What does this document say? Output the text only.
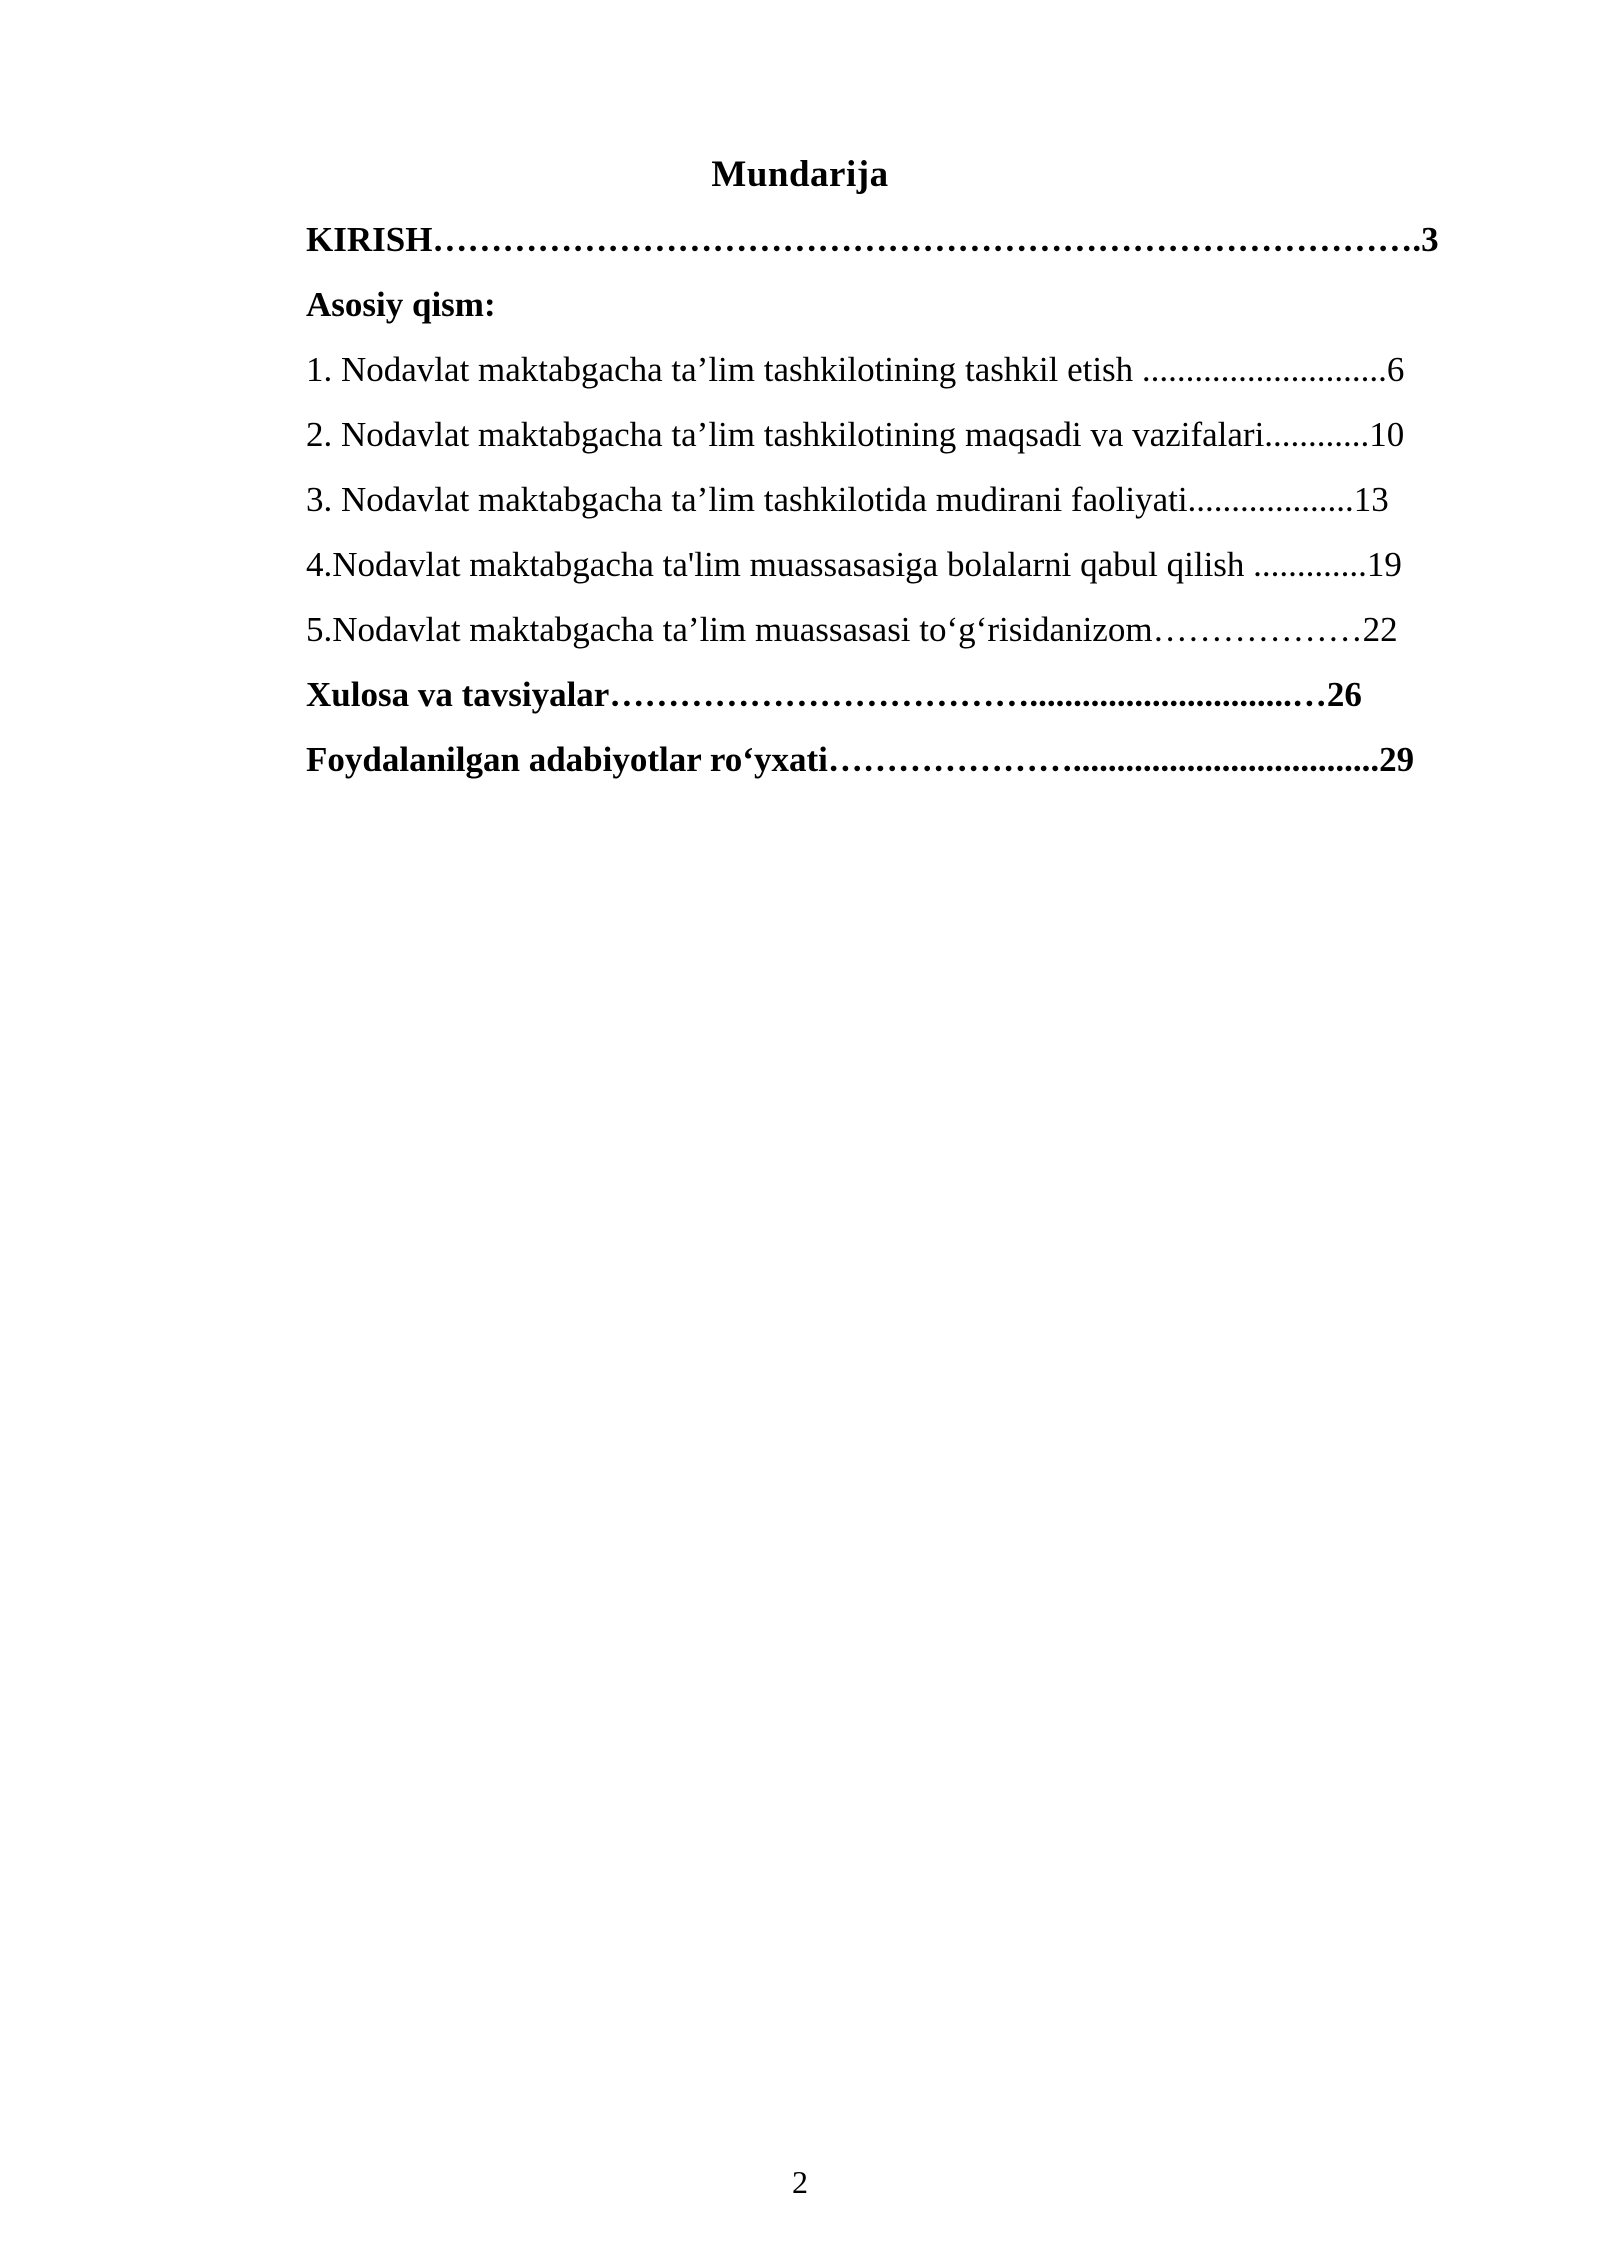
Mundarija
KIRISH………………………………………………………………………….3
Asosiy qism:
1. Nodavlat maktabgacha ta’lim tashkilotining tashkil etish ............................6
2. Nodavlat maktabgacha ta’lim tashkilotining maqsadi va vazifalari............10
3. Nodavlat maktabgacha ta’lim tashkilotida mudirani faoliyati...................13
4.Nodavlat maktabgacha ta'lim muassasasiga bolalarni qabul qilish .............19
5.Nodavlat maktabgacha ta’lim muassasasi to‘g‘risidanizom………………22
Xulosa va tavsiyalar………………………………..............................…26
Foydalanilgan adabiyotlar ro‘yxati…………………...................................29
2
